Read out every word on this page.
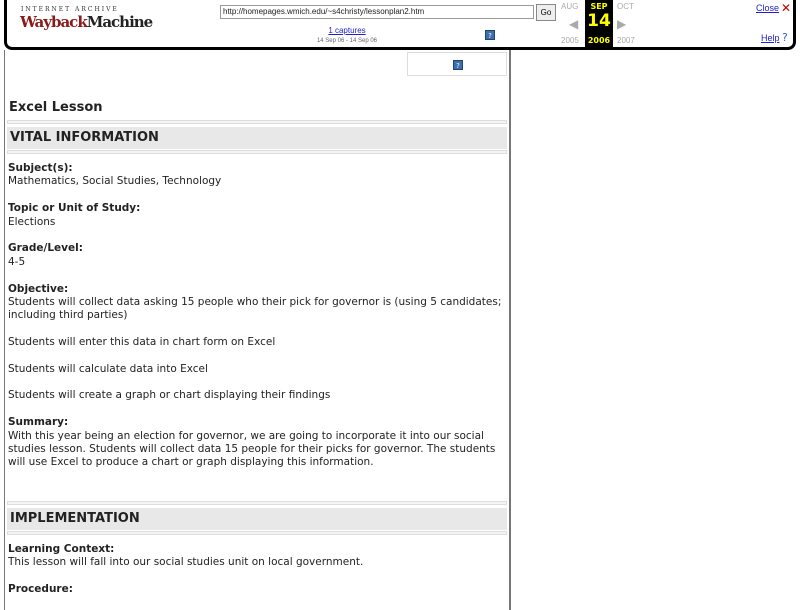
INTERNET ARCHIVE
WaybackMachine
http://homepages.wmich.edu/~s4christy/lessonplan2.htm	Go
1 captures
14 Sep 06 - 14 Sep 06
?
AUG	OCT
◀	▶
2005	2007
SEP
14
2006
Close ✕
Help ?
?
Excel Lesson
VITAL INFORMATION

Subject(s):
Mathematics, Social Studies, Technology

Topic or Unit of Study:
Elections

Grade/Level:
4-5

Objective:
Students will collect data asking 15 people who their pick for governor is (using 5 candidates; including third parties)

Students will enter this data in chart form on Excel

Students will calculate data into Excel

Students will create a graph or chart displaying their findings

Summary:
With this year being an election for governor, we are going to incorporate it into our social studies lesson. Students will collect data 15 people for their picks for governor. The students will use Excel to produce a chart or graph displaying this information.

IMPLEMENTATION

Learning Context:
This lesson will fall into our social studies unit on local government.

Procedure:
